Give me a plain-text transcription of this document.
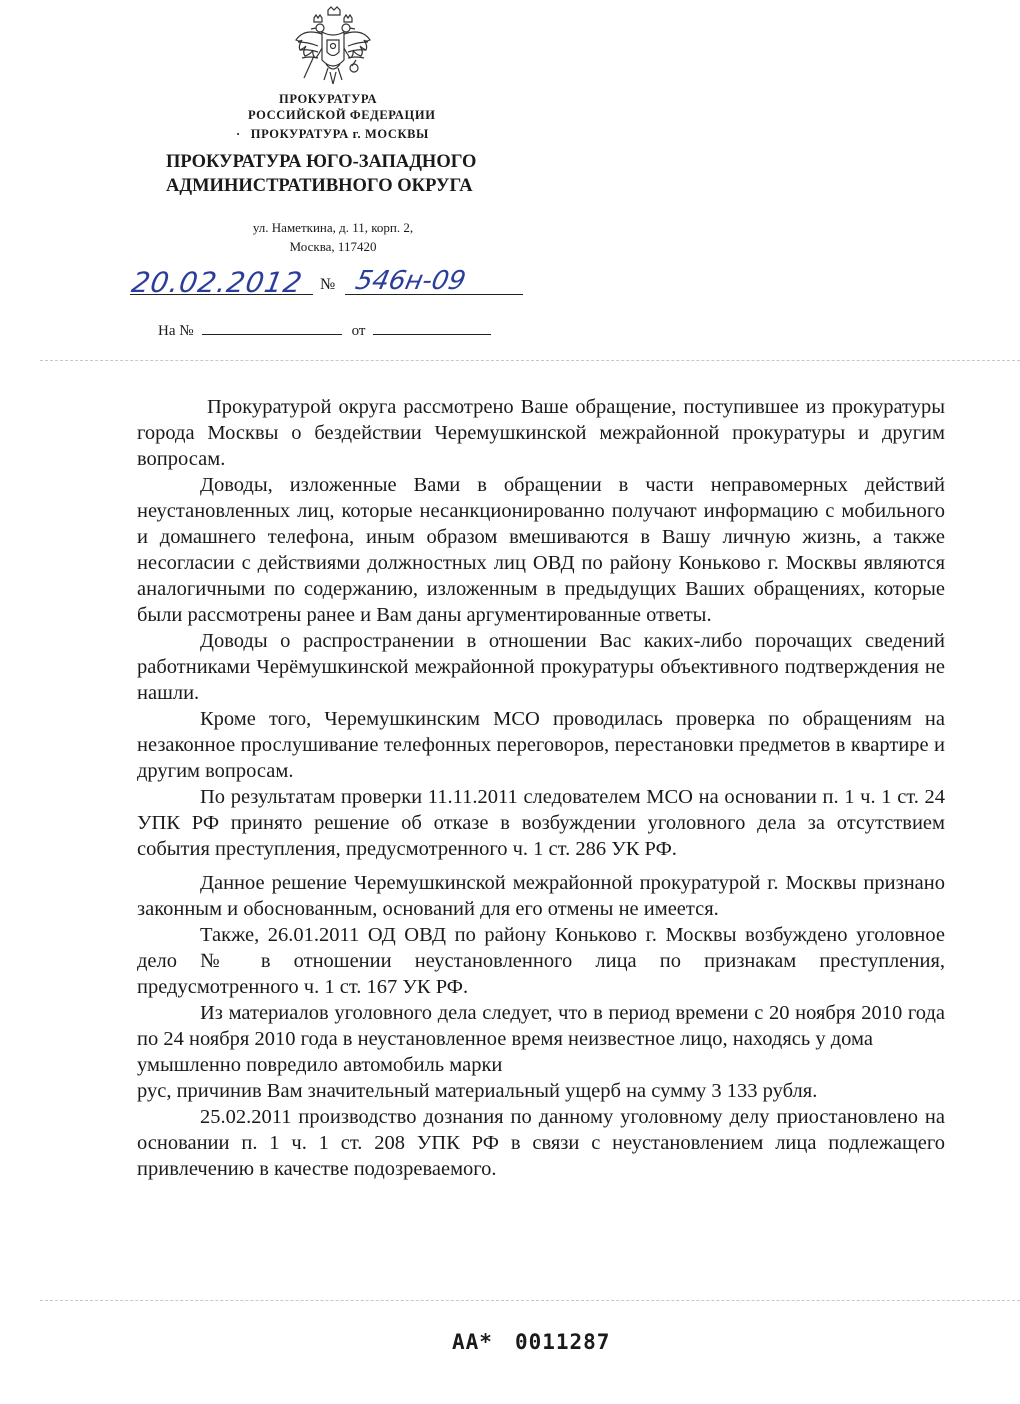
ПРОКУРАТУРА
РОССИЙСКОЙ ФЕДЕРАЦИИ
· ПРОКУРАТУРА г. МОСКВЫ
ПРОКУРАТУРА ЮГО-ЗАПАДНОГО
АДМИНИСТРАТИВНОГО ОКРУГА
ул. Наметкина, д. 11, корп. 2,
Москва, 117420
20.02.2012 № 546н-09
На №	от

Прокуратурой округа рассмотрено Ваше обращение, поступившее из прокуратуры города Москвы о бездействии Черемушкинской межрайонной прокуратуры и другим вопросам.

Доводы, изложенные Вами в обращении в части неправомерных действий неустановленных лиц, которые несанкционированно получают информацию с мобильного и домашнего телефона, иным образом вмешиваются в Вашу личную жизнь, а также несогласии с действиями должностных лиц ОВД по району Коньково г. Москвы являются аналогичными по содержанию, изложенным в предыдущих Ваших обращениях, которые были рассмотрены ранее и Вам даны аргументированные ответы.

Доводы о распространении в отношении Вас каких-либо порочащих сведений работниками Черёмушкинской межрайонной прокуратуры объективного подтверждения не нашли.

Кроме того, Черемушкинским МСО проводилась проверка по обращениям на незаконное прослушивание телефонных переговоров, перестановки предметов в квартире и другим вопросам.

По результатам проверки 11.11.2011 следователем МСО на основании п. 1 ч. 1 ст. 24 УПК РФ принято решение об отказе в возбуждении уголовного дела за отсутствием события преступления, предусмотренного ч. 1 ст. 286 УК РФ.

Данное решение Черемушкинской межрайонной прокуратурой г. Москвы признано законным и обоснованным, оснований для его отмены не имеется.

Также, 26.01.2011 ОД ОВД по району Коньково г. Москвы возбуждено уголовное дело № в отношении неустановленного лица по признакам преступления, предусмотренного ч. 1 ст. 167 УК РФ.

Из материалов уголовного дела следует, что в период времени с 20 ноября 2010 года по 24 ноября 2010 года в неустановленное время неизвестное лицо, находясь у дома

умышленно повредило автомобиль марки

рус, причинив Вам значительный материальный ущерб на сумму 3 133 рубля.

25.02.2011 производство дознания по данному уголовному делу приостановлено на основании п. 1 ч. 1 ст. 208 УПК РФ в связи с неустановлением лица подлежащего привлечению в качестве подозреваемого.

АА* 0011287
